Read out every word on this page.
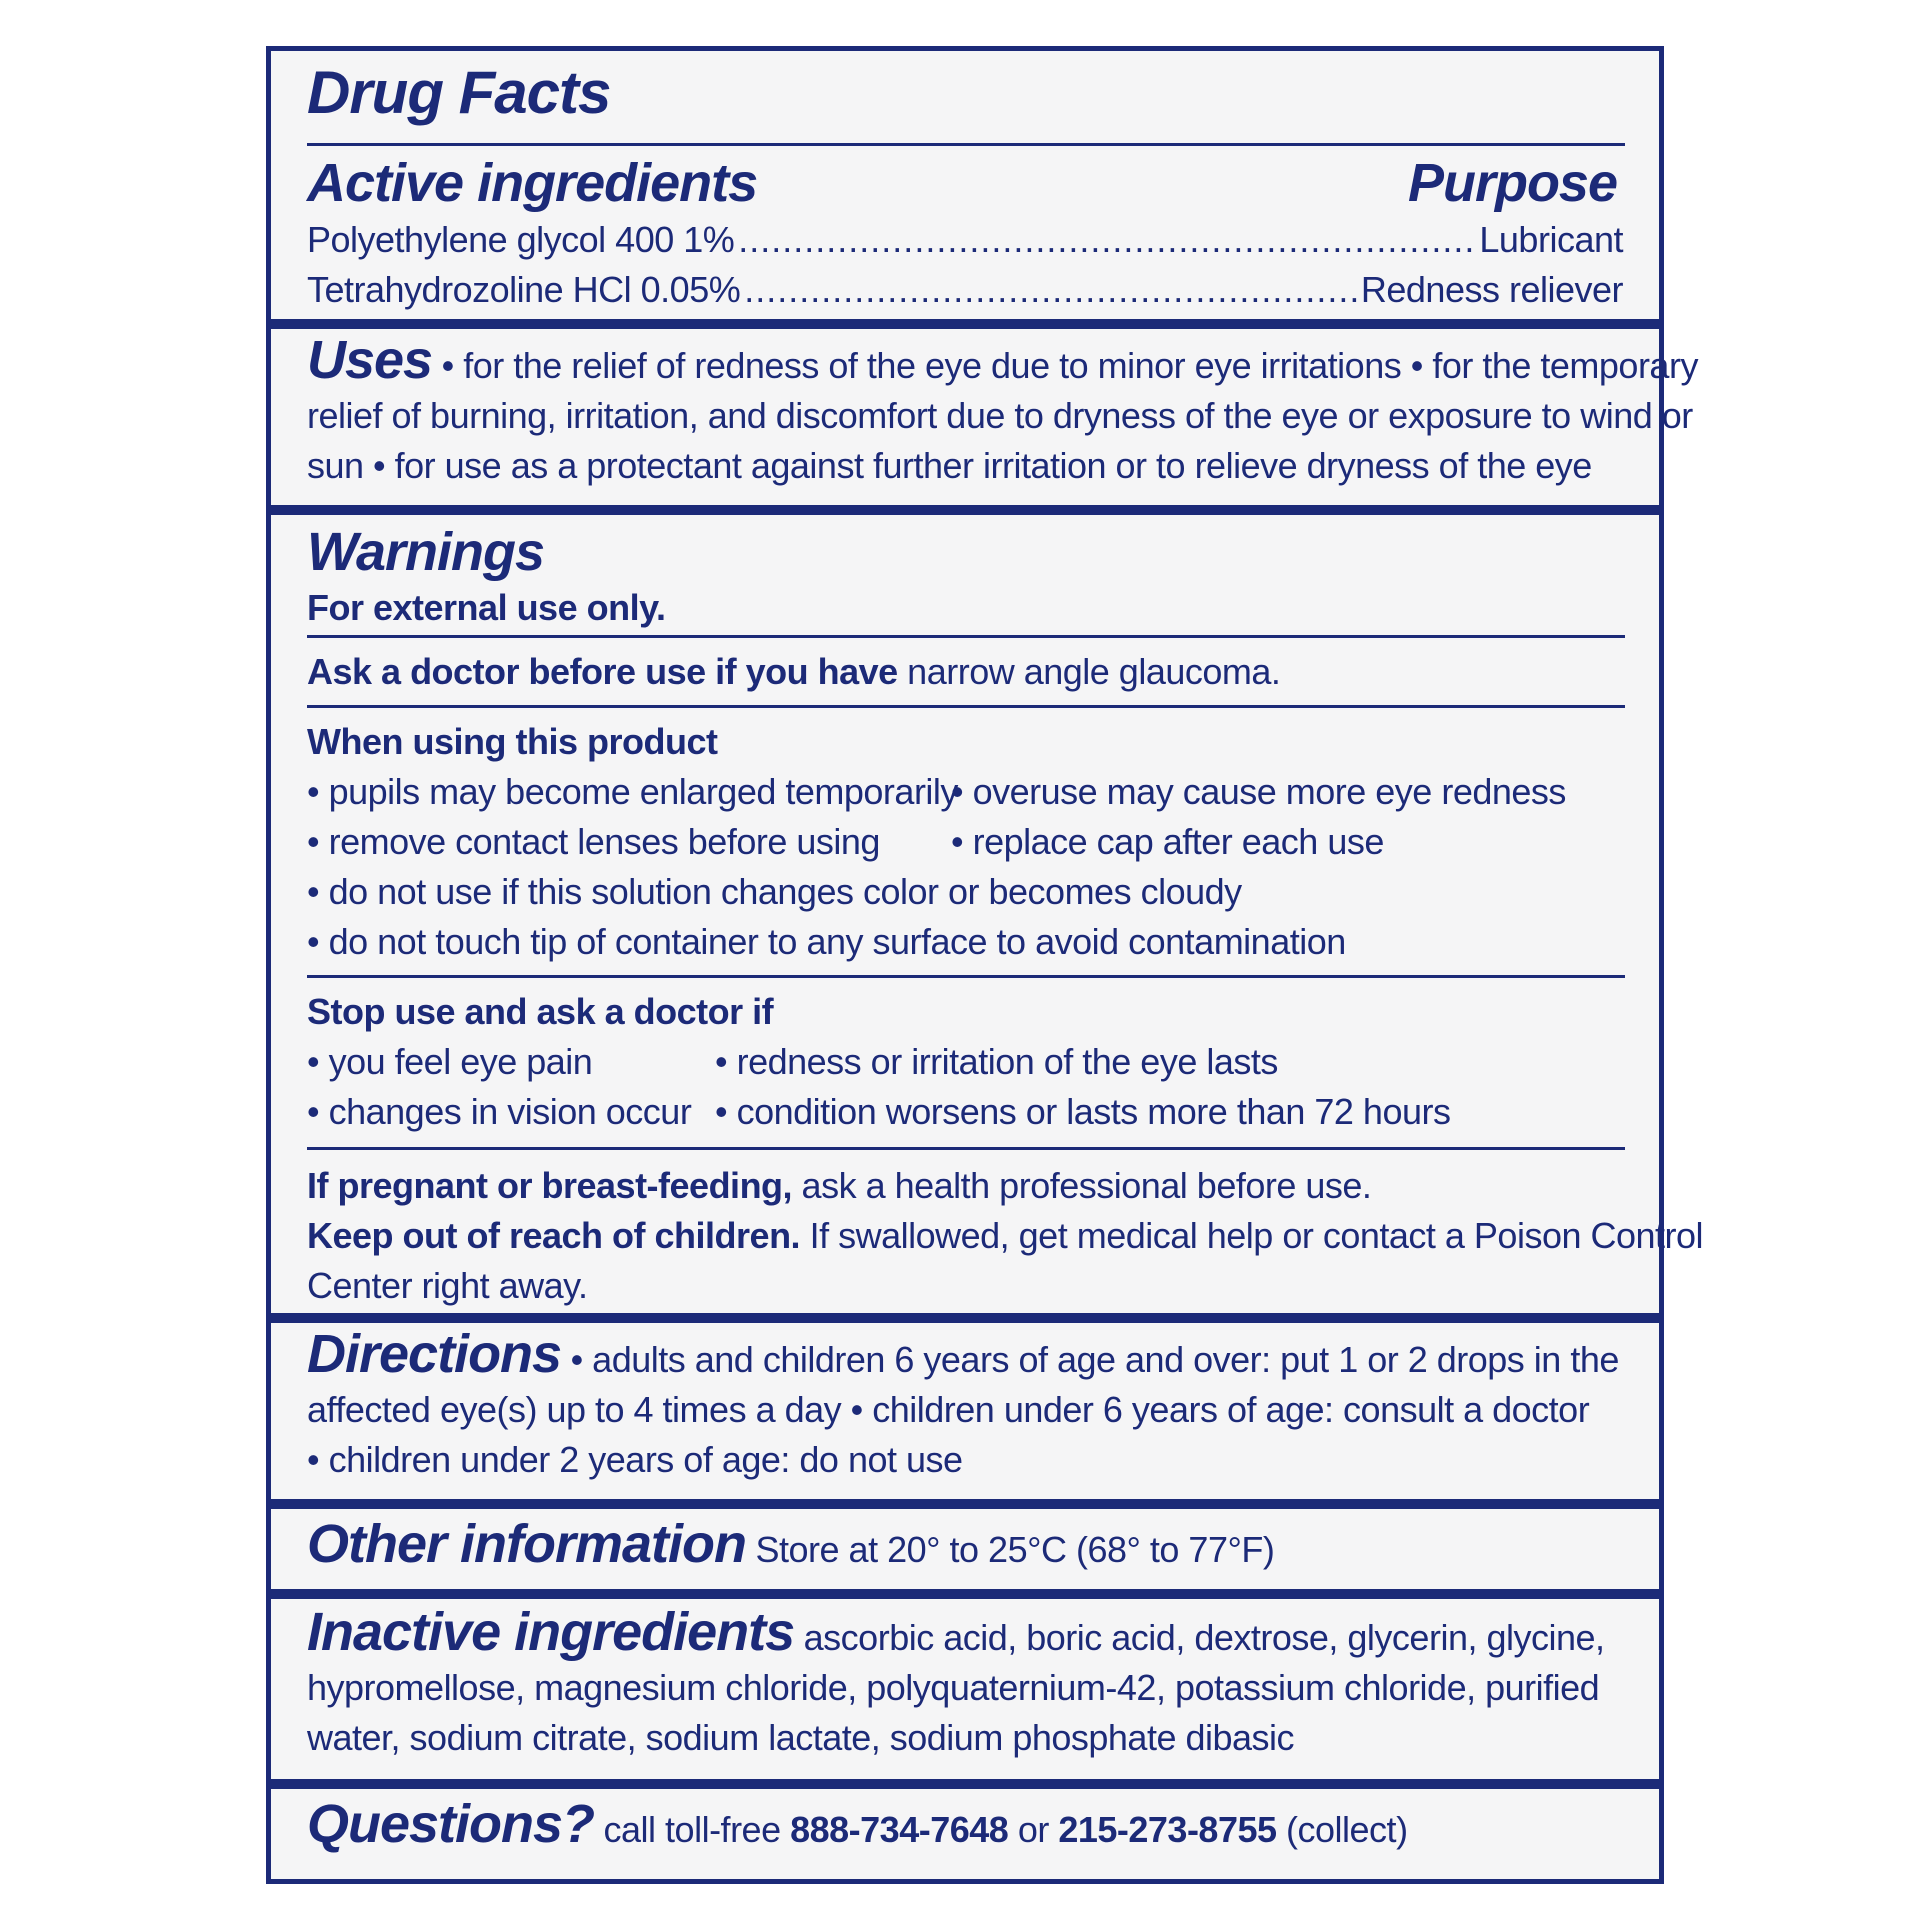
Drug Facts
Active ingredients	Purpose
Polyethylene glycol 400 1% .....	Lubricant
Tetrahydrozoline HCl 0.05% .....	Redness reliever
Uses • for the relief of redness of the eye due to minor eye irritations • for the temporary
relief of burning, irritation, and discomfort due to dryness of the eye or exposure to wind or
sun • for use as a protectant against further irritation or to relieve dryness of the eye
Warnings
For external use only.
Ask a doctor before use if you have narrow angle glaucoma.
When using this product
• pupils may become enlarged temporarily
• overuse may cause more eye redness
• remove contact lenses before using • replace cap after each use
• do not use if this solution changes color or becomes cloudy
• do not touch tip of container to any surface to avoid contamination
Stop use and ask a doctor if
• you feel eye pain	• redness or irritation of the eye lasts
• changes in vision occur • condition worsens or lasts more than 72 hours
If pregnant or breast-feeding, ask a health professional before use.
Keep out of reach of children. If swallowed, get medical help or contact a Poison Control
Center right away.
Directions • adults and children 6 years of age and over: put 1 or 2 drops in the
affected eye(s) up to 4 times a day • children under 6 years of age: consult a doctor
• children under 2 years of age: do not use
Other information Store at 20° to 25°C (68° to 77°F)
Inactive ingredients ascorbic acid, boric acid, dextrose, glycerin, glycine,
hypromellose, magnesium chloride, polyquaternium-42, potassium chloride, purified
water, sodium citrate, sodium lactate, sodium phosphate dibasic
Questions? call toll-free 888-734-7648 or 215-273-8755 (collect)
